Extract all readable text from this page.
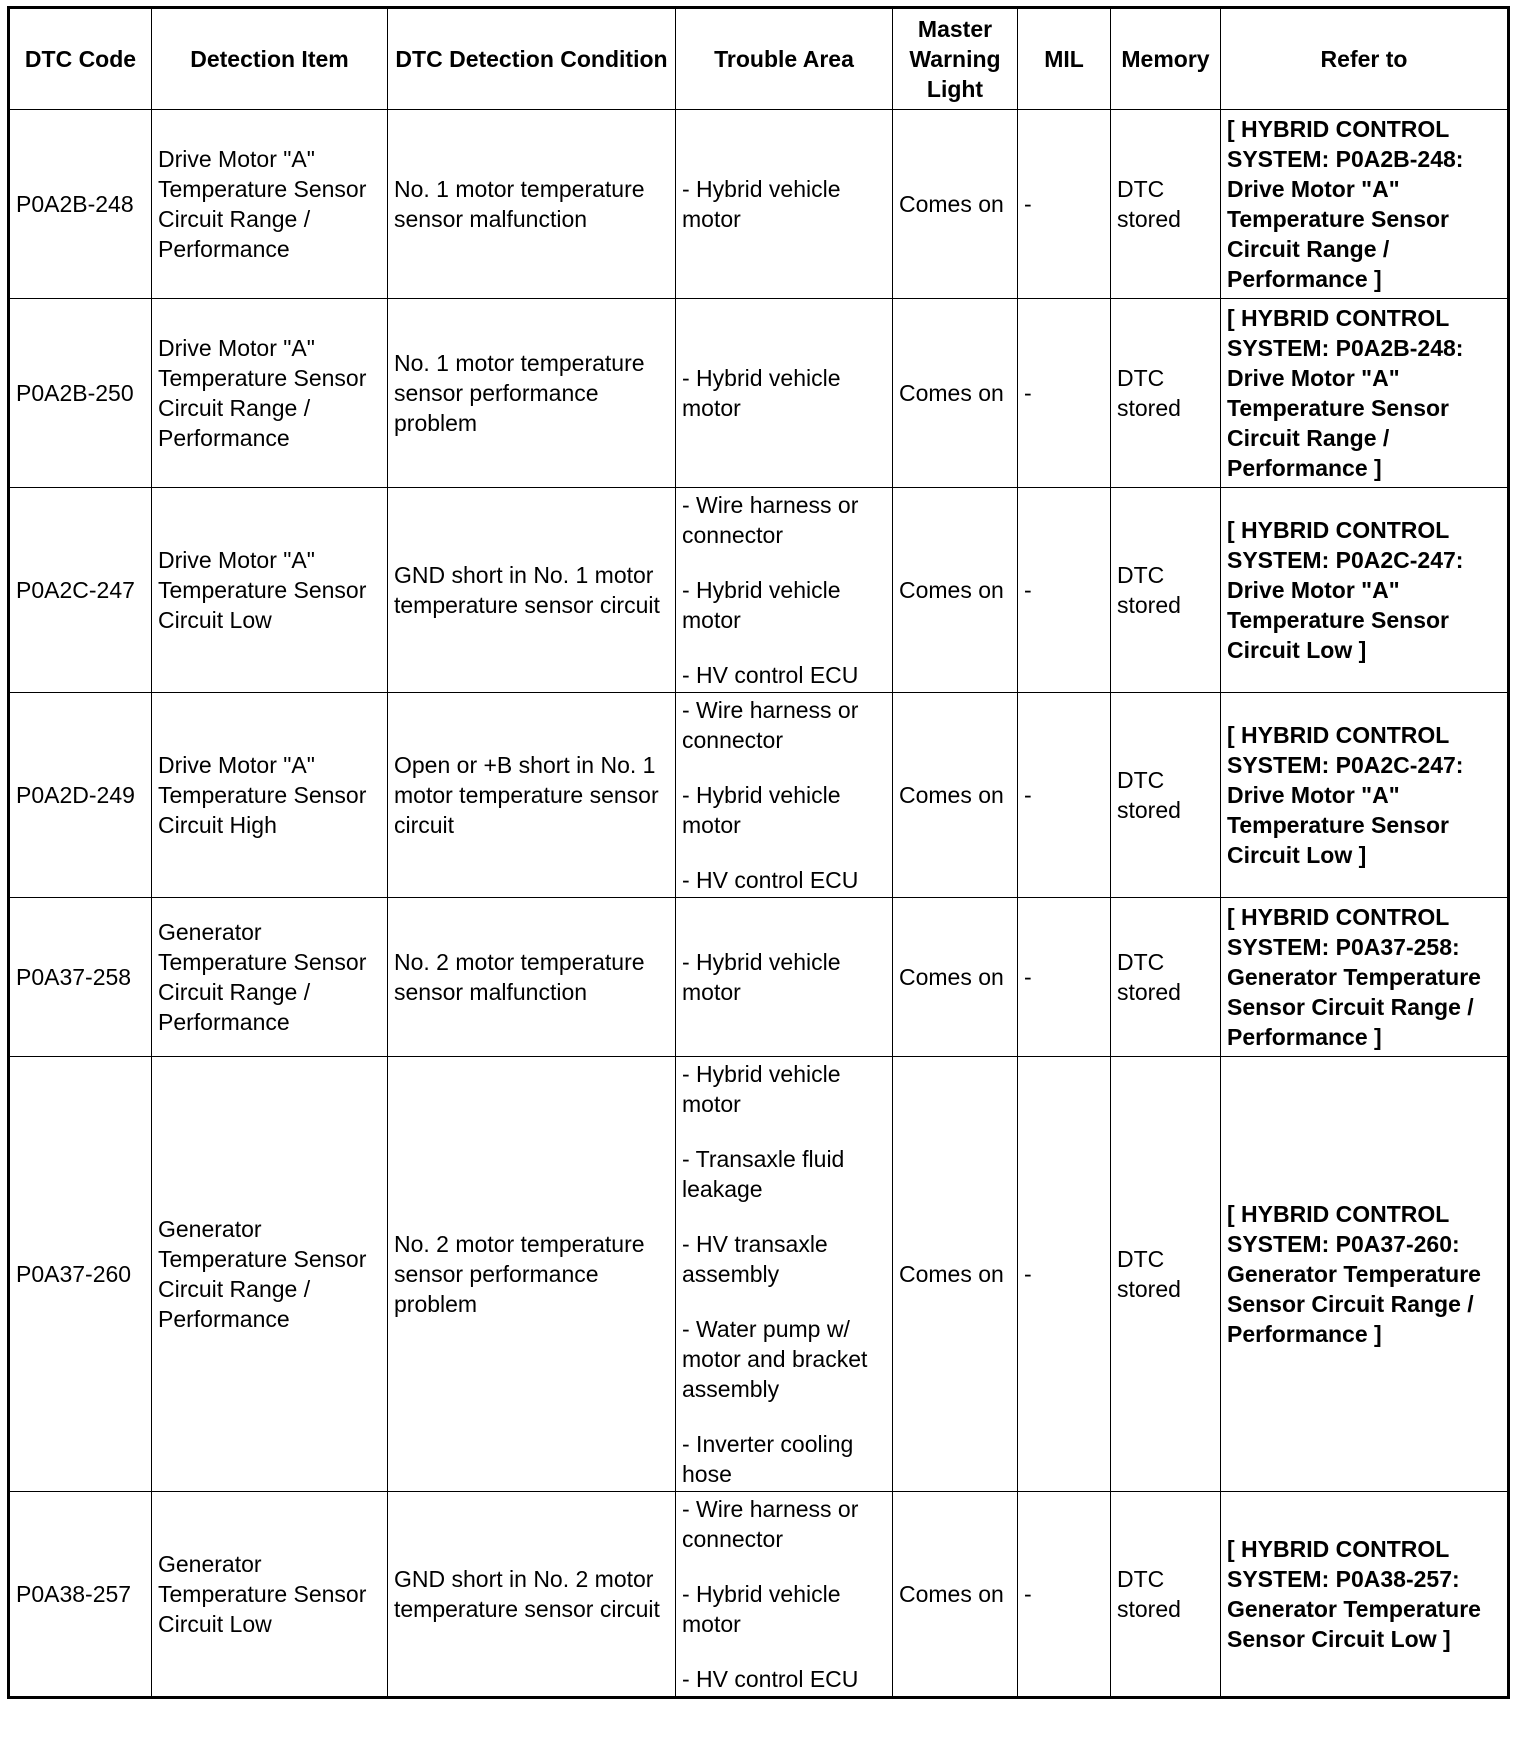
DTC Code	Detection Item	DTC Detection Condition	Trouble Area	Master Warning Light	MIL	Memory	Refer to
P0A2B-248	Drive Motor "A" Temperature Sensor Circuit Range / Performance	No. 1 motor temperature sensor malfunction	- Hybrid vehicle motor	Comes on	-	DTC stored	[ HYBRID CONTROL SYSTEM: P0A2B-248: Drive Motor "A" Temperature Sensor Circuit Range / Performance ]
P0A2B-250	Drive Motor "A" Temperature Sensor Circuit Range / Performance	No. 1 motor temperature sensor performance problem	- Hybrid vehicle motor	Comes on	-	DTC stored	[ HYBRID CONTROL SYSTEM: P0A2B-248: Drive Motor "A" Temperature Sensor Circuit Range / Performance ]
P0A2C-247	Drive Motor "A" Temperature Sensor Circuit Low	GND short in No. 1 motor temperature sensor circuit	- Wire harness or connector
- Hybrid vehicle motor
- HV control ECU	Comes on	-	DTC stored	[ HYBRID CONTROL SYSTEM: P0A2C-247: Drive Motor "A" Temperature Sensor Circuit Low ]
P0A2D-249	Drive Motor "A" Temperature Sensor Circuit High	Open or +B short in No. 1 motor temperature sensor circuit	- Wire harness or connector
- Hybrid vehicle motor
- HV control ECU	Comes on	-	DTC stored	[ HYBRID CONTROL SYSTEM: P0A2C-247: Drive Motor "A" Temperature Sensor Circuit Low ]
P0A37-258	Generator Temperature Sensor Circuit Range / Performance	No. 2 motor temperature sensor malfunction	- Hybrid vehicle motor	Comes on	-	DTC stored	[ HYBRID CONTROL SYSTEM: P0A37-258: Generator Temperature Sensor Circuit Range / Performance ]
P0A37-260	Generator Temperature Sensor Circuit Range / Performance	No. 2 motor temperature sensor performance problem	- Hybrid vehicle motor
- Transaxle fluid leakage
- HV transaxle assembly
- Water pump w/ motor and bracket assembly
- Inverter cooling hose	Comes on	-	DTC stored	[ HYBRID CONTROL SYSTEM: P0A37-260: Generator Temperature Sensor Circuit Range / Performance ]
P0A38-257	Generator Temperature Sensor Circuit Low	GND short in No. 2 motor temperature sensor circuit	- Wire harness or connector
- Hybrid vehicle motor
- HV control ECU	Comes on	-	DTC stored	[ HYBRID CONTROL SYSTEM: P0A38-257: Generator Temperature Sensor Circuit Low ]
